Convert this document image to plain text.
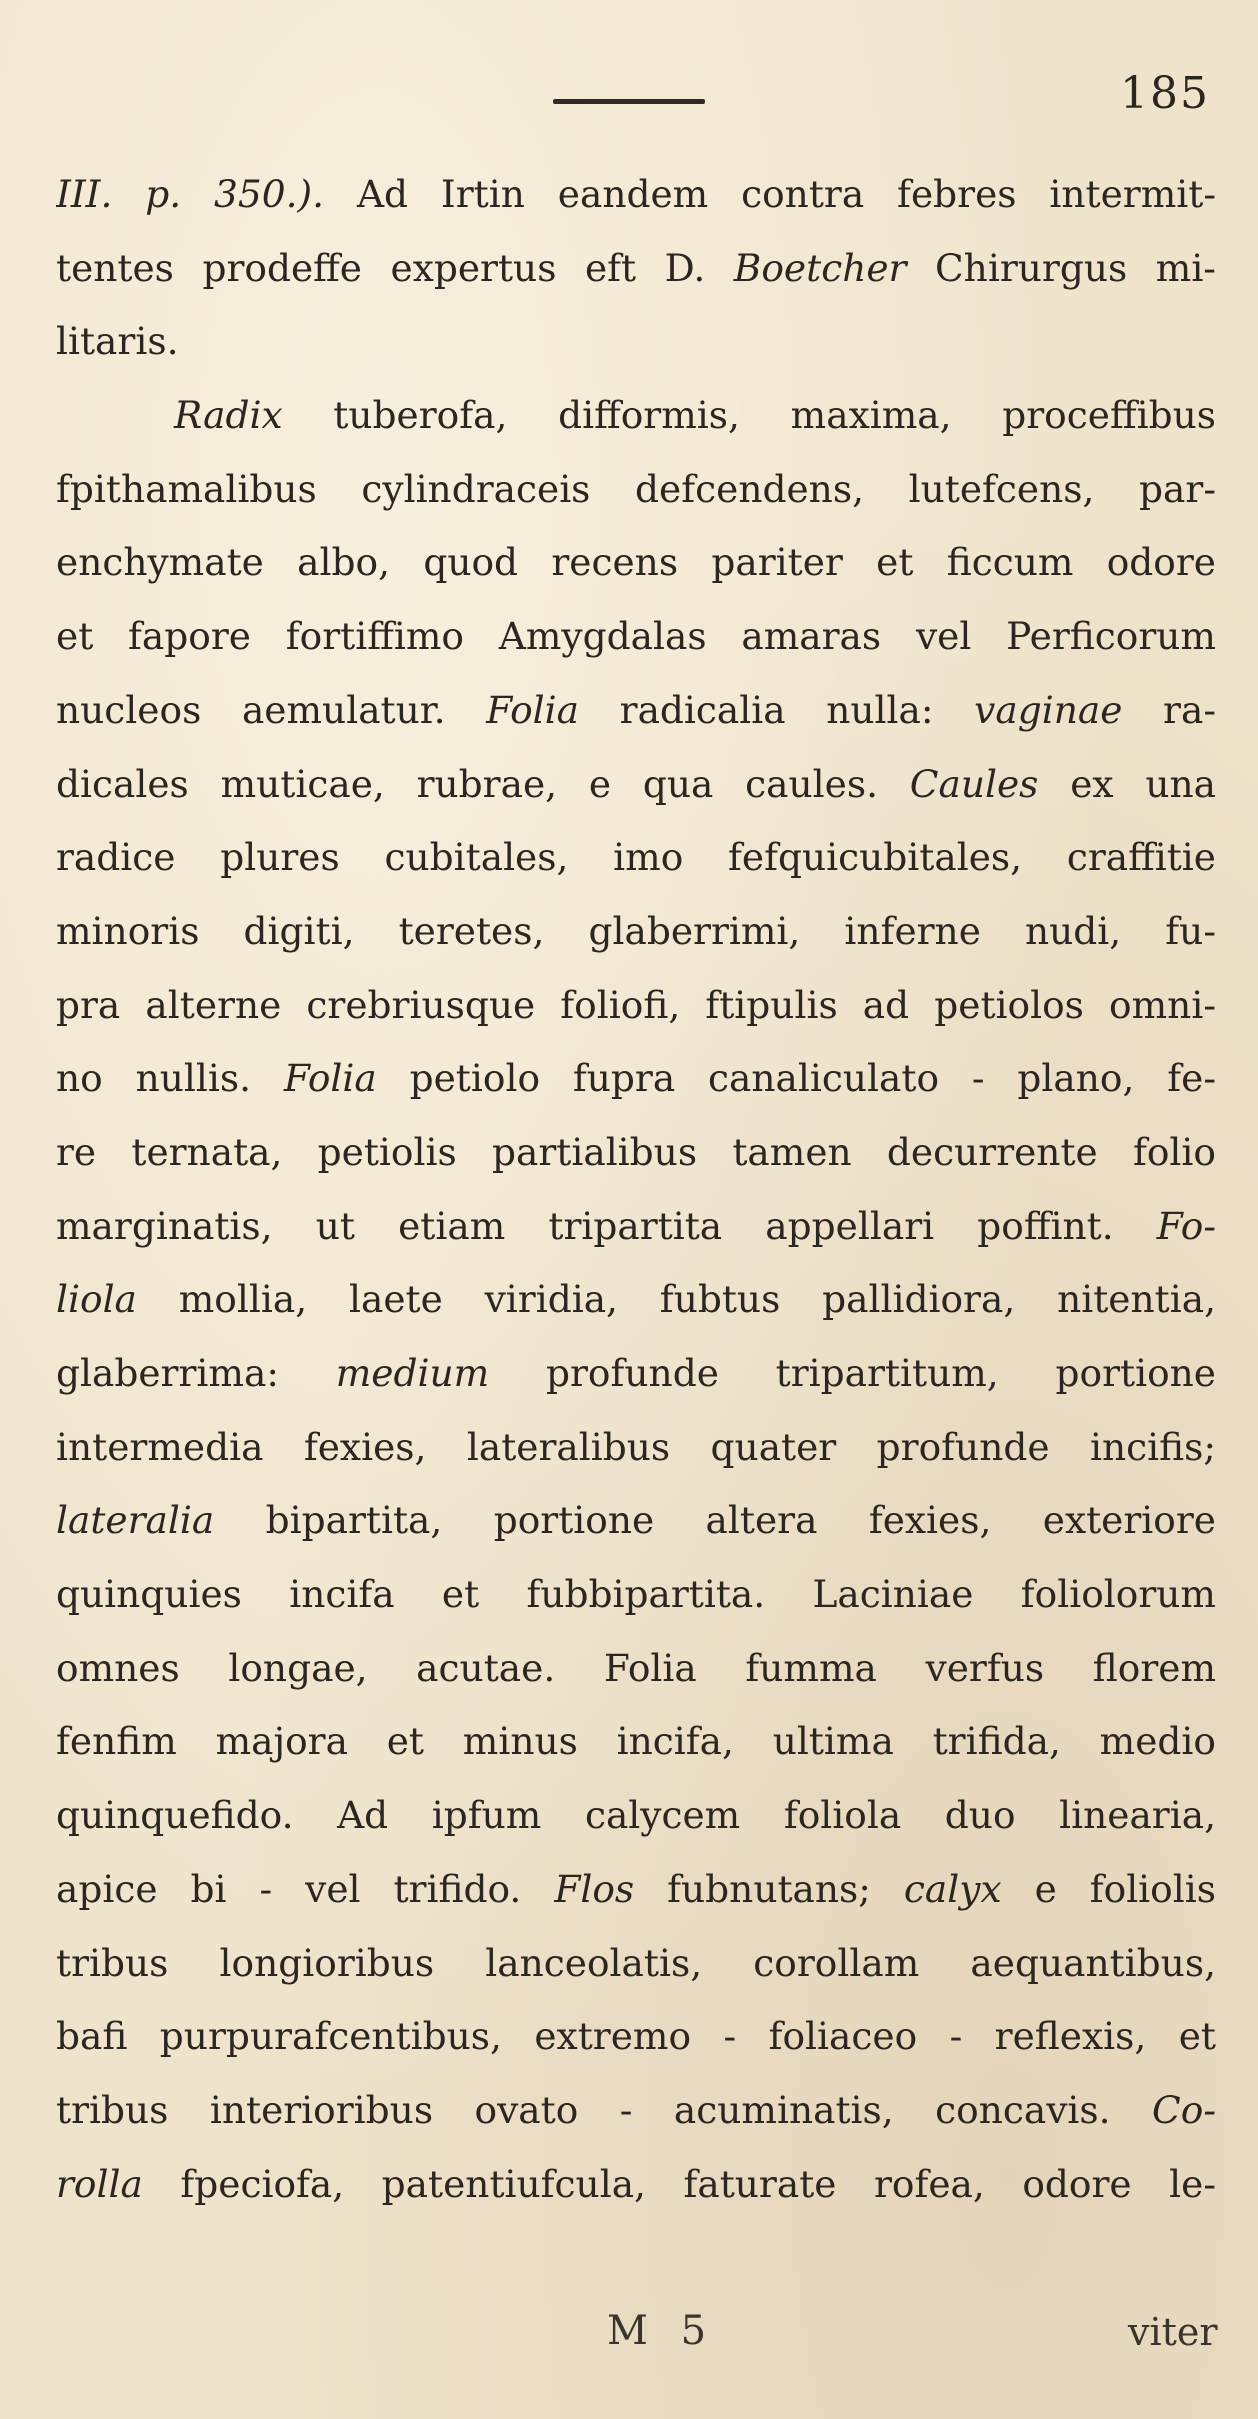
185
III. p. 350.). Ad Irtin eandem contra febres intermit-
tentes prodeffe expertus eft D. Boetcher Chirurgus mi-
litaris.
Radix tuberofa, difformis, maxima, proceffibus
fpithamalibus cylindraceis defcendens, lutefcens, par-
enchymate albo, quod recens pariter et ficcum odore
et fapore fortiffimo Amygdalas amaras vel Perficorum
nucleos aemulatur. Folia radicalia nulla: vaginae ra-
dicales muticae, rubrae, e qua caules. Caules ex una
radice plures cubitales, imo fefquicubitales, craffitie
minoris digiti, teretes, glaberrimi, inferne nudi, fu-
pra alterne crebriusque foliofi, ftipulis ad petiolos omni-
no nullis. Folia petiolo fupra canaliculato - plano, fe-
re ternata, petiolis partialibus tamen decurrente folio
marginatis, ut etiam tripartita appellari poffint. Fo-
liola mollia, laete viridia, fubtus pallidiora, nitentia,
glaberrima: medium profunde tripartitum, portione
intermedia fexies, lateralibus quater profunde incifis;
lateralia bipartita, portione altera fexies, exteriore
quinquies incifa et fubbipartita. Laciniae foliolorum
omnes longae, acutae. Folia fumma verfus florem
fenfim majora et minus incifa, ultima trifida, medio
quinquefido. Ad ipfum calycem foliola duo linearia,
apice bi - vel trifido. Flos fubnutans; calyx e foliolis
tribus longioribus lanceolatis, corollam aequantibus,
bafi purpurafcentibus, extremo - foliaceo - reflexis, et
tribus interioribus ovato - acuminatis, concavis. Co-
rolla fpeciofa, patentiufcula, faturate rofea, odore le-
M 5	viter
